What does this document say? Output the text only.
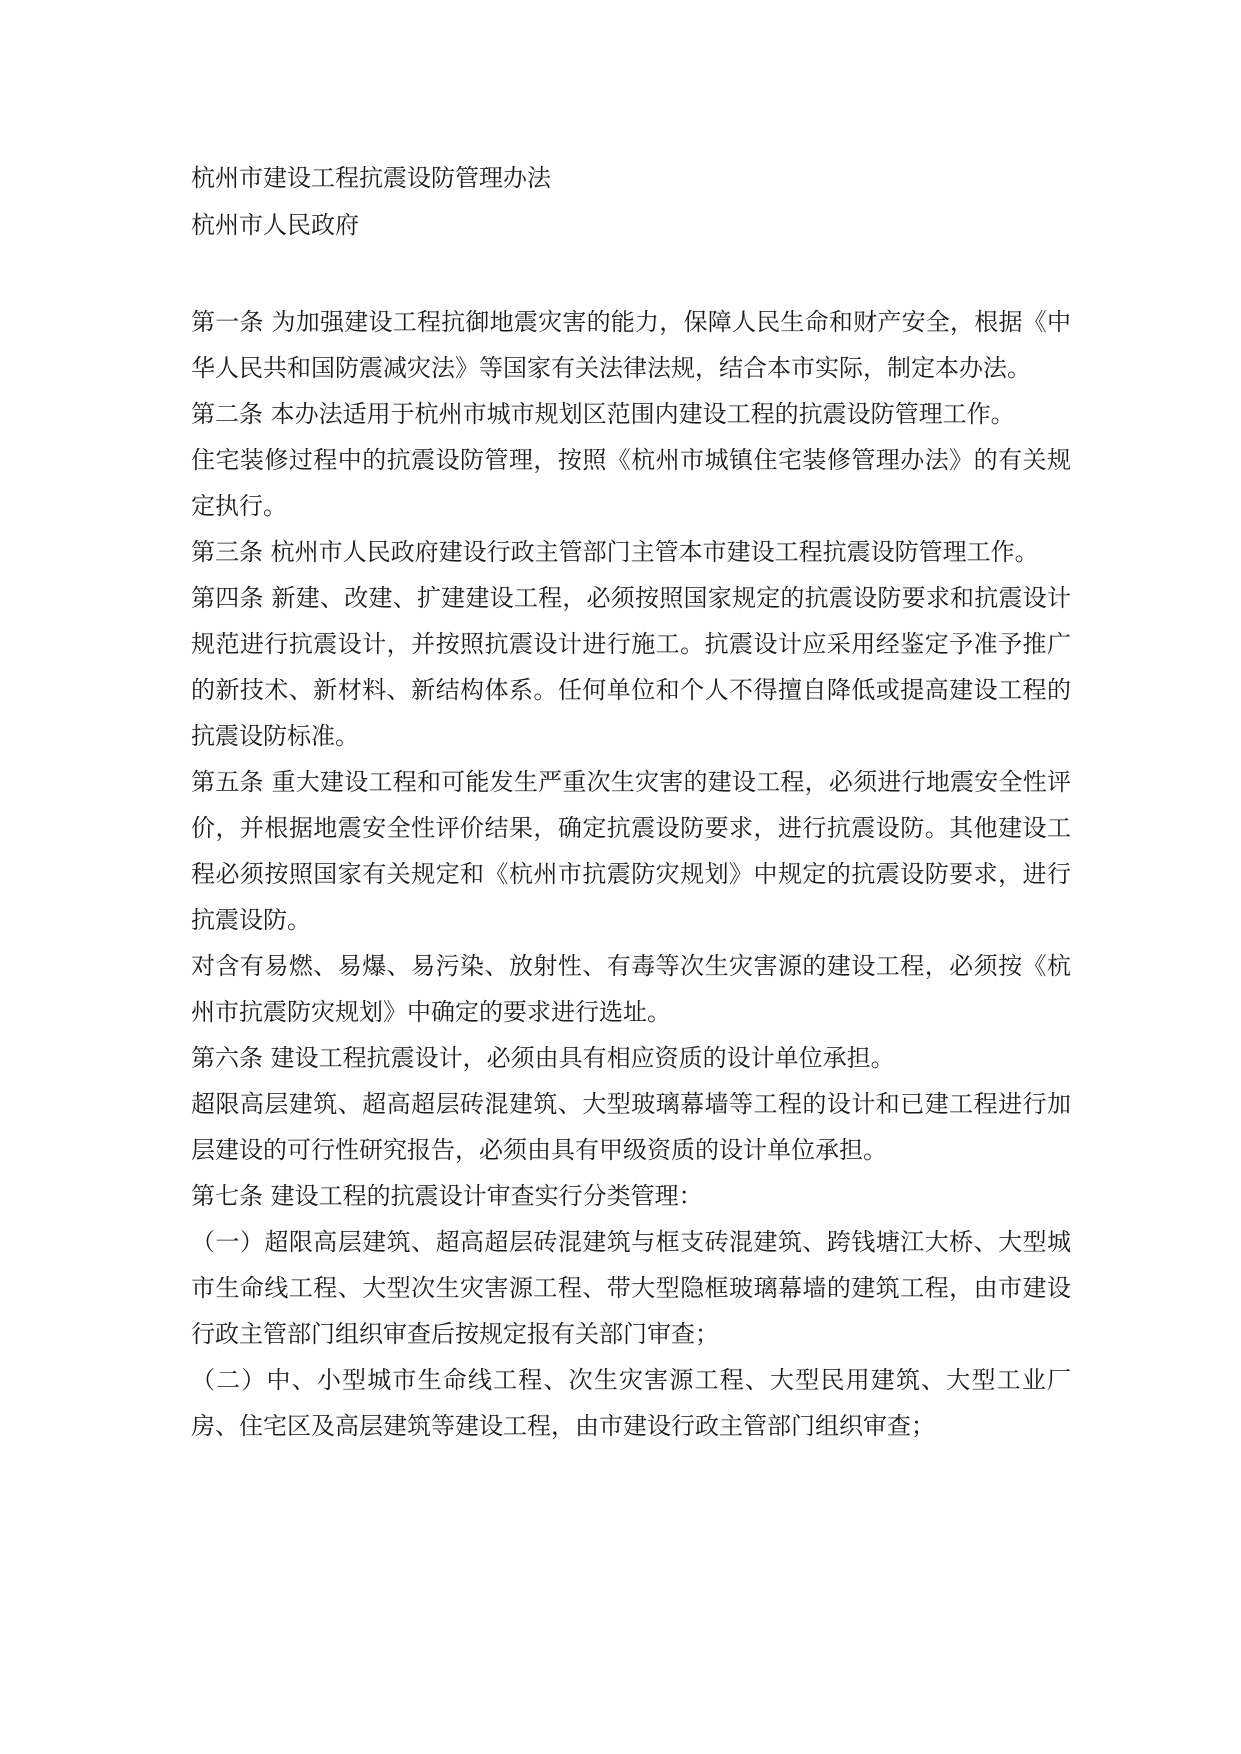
杭州市建设工程抗震设防管理办法
杭州市人民政府

第一条 为加强建设工程抗御地震灾害的能力，保障人民生命和财产安全，根据《中华人民共和国防震减灾法》等国家有关法律法规，结合本市实际，制定本办法。

第二条 本办法适用于杭州市城市规划区范围内建设工程的抗震设防管理工作。

住宅装修过程中的抗震设防管理，按照《杭州市城镇住宅装修管理办法》的有关规定执行。

第三条 杭州市人民政府建设行政主管部门主管本市建设工程抗震设防管理工作。

第四条 新建、改建、扩建建设工程，必须按照国家规定的抗震设防要求和抗震设计规范进行抗震设计，并按照抗震设计进行施工。抗震设计应采用经鉴定予准予推广的新技术、新材料、新结构体系。任何单位和个人不得擅自降低或提高建设工程的抗震设防标准。

第五条 重大建设工程和可能发生严重次生灾害的建设工程，必须进行地震安全性评价，并根据地震安全性评价结果，确定抗震设防要求，进行抗震设防。其他建设工程必须按照国家有关规定和《杭州市抗震防灾规划》中规定的抗震设防要求，进行抗震设防。

对含有易燃、易爆、易污染、放射性、有毒等次生灾害源的建设工程，必须按《杭州市抗震防灾规划》中确定的要求进行选址。

第六条 建设工程抗震设计，必须由具有相应资质的设计单位承担。

超限高层建筑、超高超层砖混建筑、大型玻璃幕墙等工程的设计和已建工程进行加层建设的可行性研究报告，必须由具有甲级资质的设计单位承担。

第七条 建设工程的抗震设计审查实行分类管理：

（一）超限高层建筑、超高超层砖混建筑与框支砖混建筑、跨钱塘江大桥、大型城市生命线工程、大型次生灾害源工程、带大型隐框玻璃幕墙的建筑工程，由市建设行政主管部门组织审查后按规定报有关部门审查；

（二）中、小型城市生命线工程、次生灾害源工程、大型民用建筑、大型工业厂房、住宅区及高层建筑等建设工程，由市建设行政主管部门组织审查；
